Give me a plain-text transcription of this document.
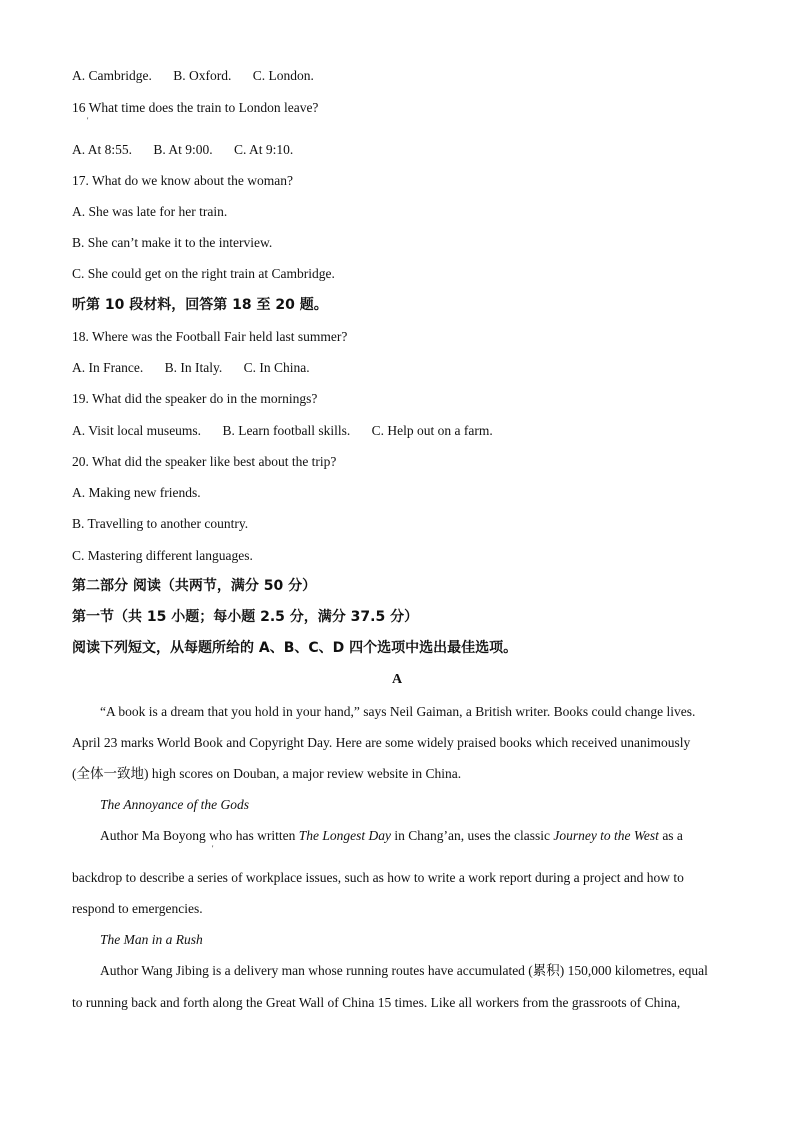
A. Cambridge. B. Oxford. C. London.
16 What time does the train to London leave?
'
A. At 8:55. B. At 9:00. C. At 9:10.
17. What do we know about the woman?
A. She was late for her train.
B. She can’t make it to the interview.
C. She could get on the right train at Cambridge.
听第 10 段材料，回答第 18 至 20 题。
18. Where was the Football Fair held last summer?
A. In France. B. In Italy. C. In China.
19. What did the speaker do in the mornings?
A. Visit local museums. B. Learn football skills. C. Help out on a farm.
20. What did the speaker like best about the trip?
A. Making new friends.
B. Travelling to another country.
C. Mastering different languages.
第二部分 阅读（共两节，满分 50 分）
第一节（共 15 小题；每小题 2.5 分，满分 37.5 分）
阅读下列短文，从每题所给的 A、B、C、D 四个选项中选出最佳选项。
A
“A book is a dream that you hold in your hand,” says Neil Gaiman, a British writer. Books could change lives.
April 23 marks World Book and Copyright Day. Here are some widely praised books which received unanimously
(全体一致地) high scores on Douban, a major review website in China.
The Annoyance of the Gods
Author Ma Boyong who has written The Longest Day in Chang’an, uses the classic Journey to the West as a
'
backdrop to describe a series of workplace issues, such as how to write a work report during a project and how to
respond to emergencies.
The Man in a Rush
Author Wang Jibing is a delivery man whose running routes have accumulated (累积) 150,000 kilometres, equal
to running back and forth along the Great Wall of China 15 times. Like all workers from the grassroots of China,
